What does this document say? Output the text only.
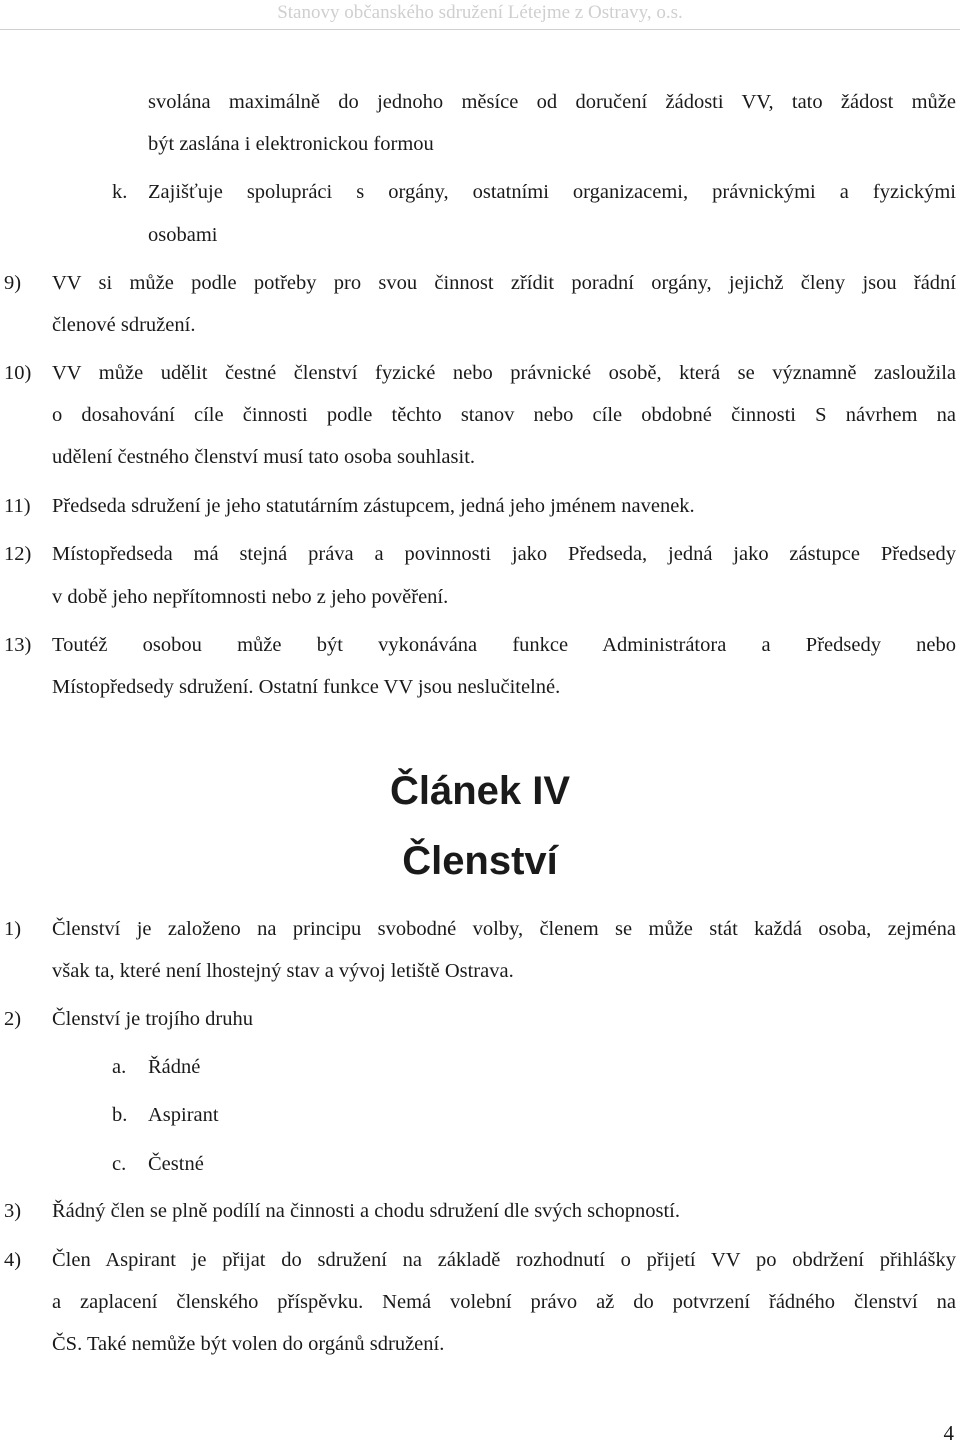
Stanovy občanského sdružení Létejme z Ostravy, o.s.
svolána maximálně do jednoho měsíce od doručení žádosti VV, tato žádost může
být zaslána i elektronickou formou
k. Zajišťuje spolupráci s orgány, ostatními organizacemi, právnickými a fyzickými
osobami
9) VV si může podle potřeby pro svou činnost zřídit poradní orgány, jejichž členy jsou řádní
členové sdružení.
10) VV může udělit čestné členství fyzické nebo právnické osobě, která se významně zasloužila
o dosahování cíle činnosti podle těchto stanov nebo cíle obdobné činnosti S návrhem na
udělení čestného členství musí tato osoba souhlasit.
11) Předseda sdružení je jeho statutárním zástupcem, jedná jeho jménem navenek.
12) Místopředseda má stejná práva a povinnosti jako Předseda, jedná jako zástupce Předsedy
v době jeho nepřítomnosti nebo z jeho pověření.
13) Toutéž osobou může být vykonávána funkce Administrátora a Předsedy nebo
Místopředsedy sdružení. Ostatní funkce VV jsou neslučitelné.
Článek IV
Členství
1) Členství je založeno na principu svobodné volby, členem se může stát každá osoba, zejména
však ta, které není lhostejný stav a vývoj letiště Ostrava.
2) Členství je trojího druhu
a. Řádné
b. Aspirant
c. Čestné
3) Řádný člen se plně podílí na činnosti a chodu sdružení dle svých schopností.
4) Člen Aspirant je přijat do sdružení na základě rozhodnutí o přijetí VV po obdržení přihlášky
a zaplacení členského příspěvku. Nemá volební právo až do potvrzení řádného členství na
ČS. Také nemůže být volen do orgánů sdružení.
4
